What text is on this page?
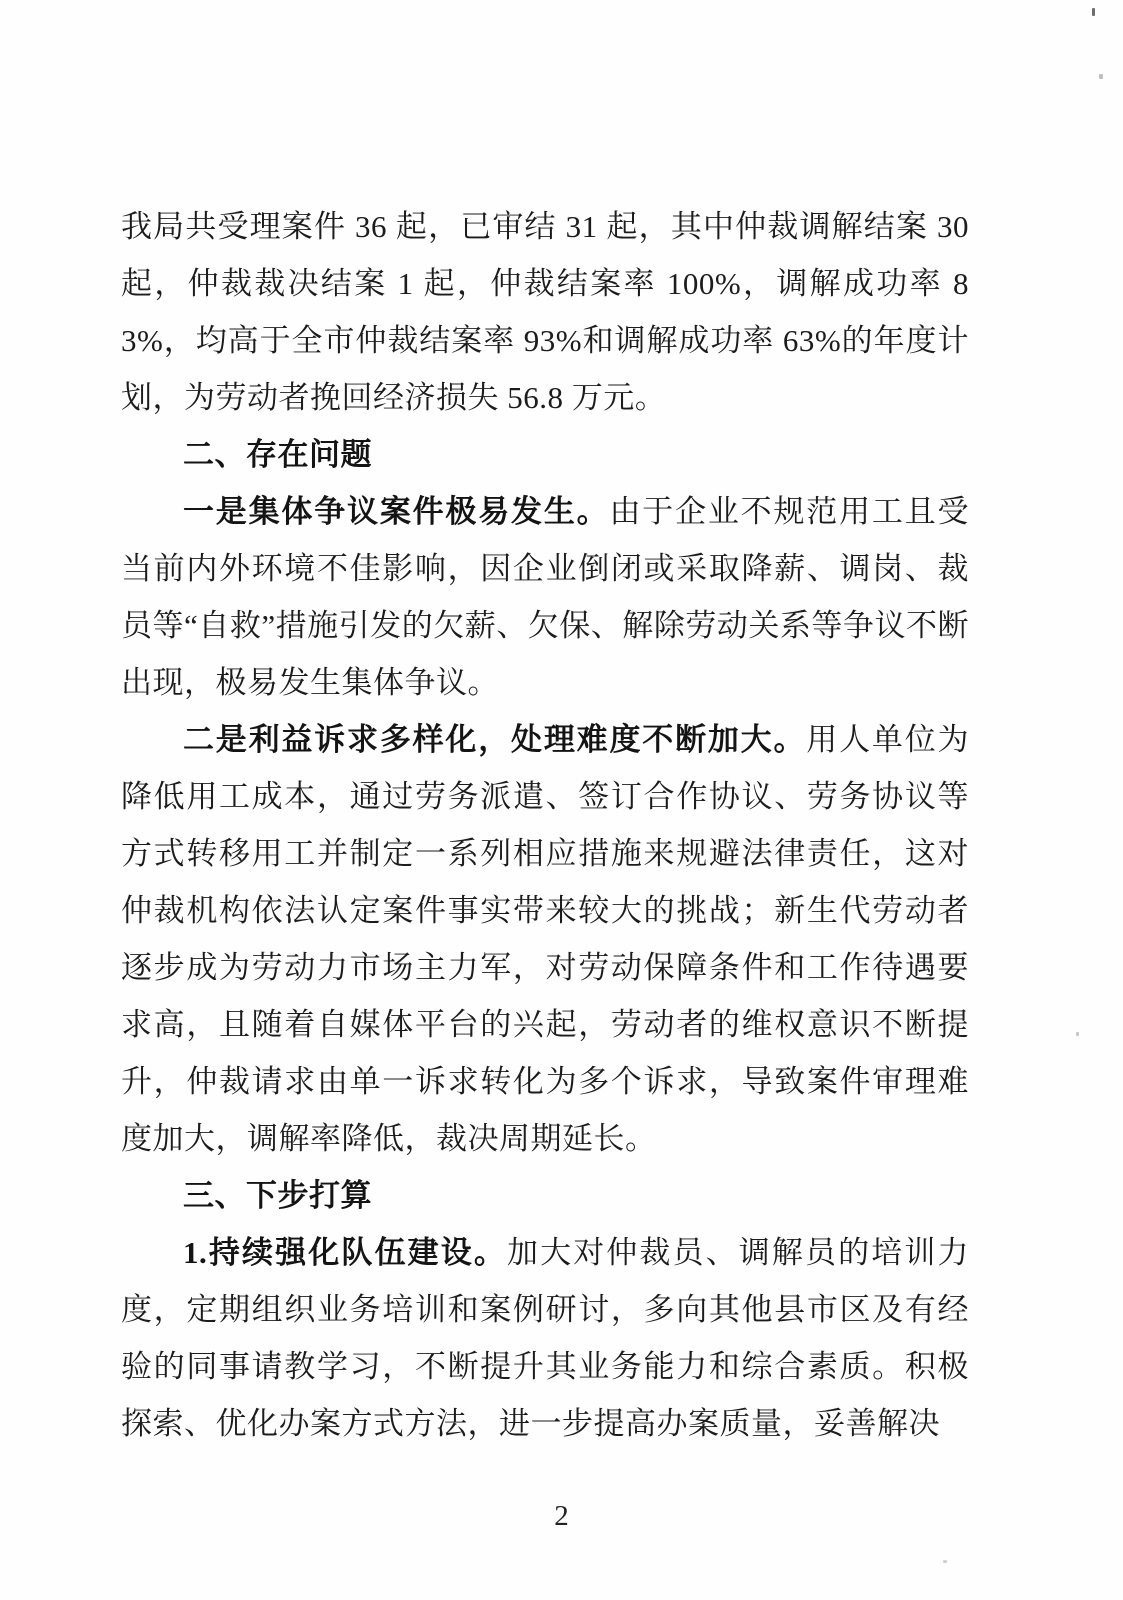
我局共受理案件 36 起，已审结 31 起，其中仲裁调解结案 30 起，仲裁裁决结案 1 起，仲裁结案率 100%，调解成功率 83%，均高于全市仲裁结案率 93%和调解成功率 63%的年度计划，为劳动者挽回经济损失 56.8 万元。

二、存在问题

一是集体争议案件极易发生。由于企业不规范用工且受当前内外环境不佳影响，因企业倒闭或采取降薪、调岗、裁员等“自救”措施引发的欠薪、欠保、解除劳动关系等争议不断出现，极易发生集体争议。

二是利益诉求多样化，处理难度不断加大。用人单位为降低用工成本，通过劳务派遣、签订合作协议、劳务协议等方式转移用工并制定一系列相应措施来规避法律责任，这对仲裁机构依法认定案件事实带来较大的挑战；新生代劳动者逐步成为劳动力市场主力军，对劳动保障条件和工作待遇要求高，且随着自媒体平台的兴起，劳动者的维权意识不断提升，仲裁请求由单一诉求转化为多个诉求，导致案件审理难度加大，调解率降低，裁决周期延长。

三、下步打算

1.持续强化队伍建设。加大对仲裁员、调解员的培训力度，定期组织业务培训和案例研讨，多向其他县市区及有经验的同事请教学习，不断提升其业务能力和综合素质。积极探索、优化办案方式方法，进一步提高办案质量，妥善解决

2
